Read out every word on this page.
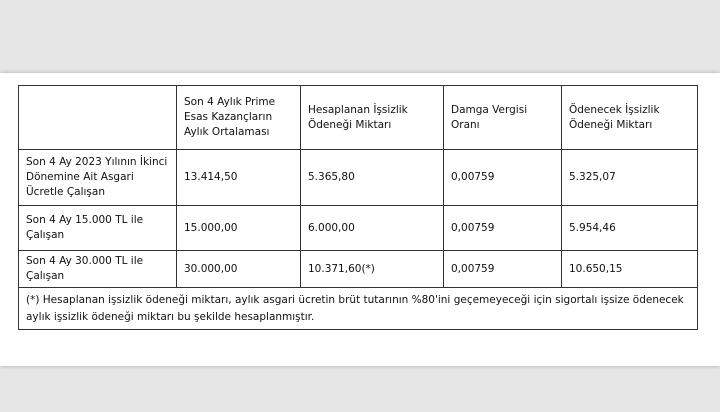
	Son 4 Aylık Prime Esas Kazançların Aylık Ortalaması	Hesaplanan İşsizlik Ödeneği Miktarı	Damga Vergisi Oranı	Ödenecek İşsizlik Ödeneği Miktarı
Son 4 Ay 2023 Yılının İkinci Dönemine Ait Asgari Ücretle Çalışan	13.414,50	5.365,80	0,00759	5.325,07
Son 4 Ay 15.000 TL ile Çalışan	15.000,00	6.000,00	0,00759	5.954,46
Son 4 Ay 30.000 TL ile Çalışan	30.000,00	10.371,60(*)	0,00759	10.650,15
(*) Hesaplanan işsizlik ödeneği miktarı, aylık asgari ücretin brüt tutarının %80'ini geçemeyeceği için sigortalı işsize ödenecek aylık işsizlik ödeneği miktarı bu şekilde hesaplanmıştır.				
